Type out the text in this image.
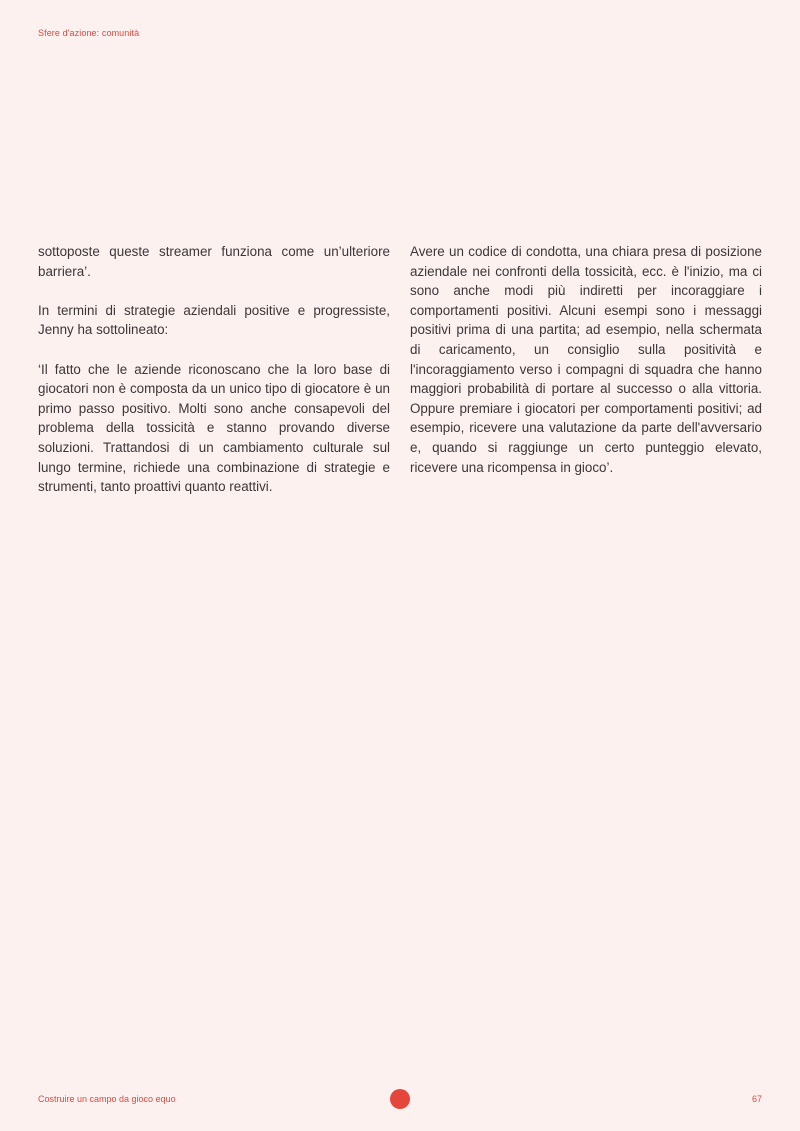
Sfere d'azione: comunità

sottoposte queste streamer funziona come un’ulteriore barriera’.

In termini di strategie aziendali positive e progressiste, Jenny ha sottolineato:

‘Il fatto che le aziende riconoscano che la loro base di giocatori non è composta da un unico tipo di giocatore è un primo passo positivo. Molti sono anche consapevoli del problema della tossicità e stanno provando diverse soluzioni. Trattandosi di un cambiamento culturale sul lungo termine, richiede una combinazione di strategie e strumenti, tanto proattivi quanto reattivi.

Avere un codice di condotta, una chiara presa di posizione aziendale nei confronti della tossicità, ecc. è l'inizio, ma ci sono anche modi più indiretti per incoraggiare i comportamenti positivi. Alcuni esempi sono i messaggi positivi prima di una partita; ad esempio, nella schermata di caricamento, un consiglio sulla positività e l'incoraggiamento verso i compagni di squadra che hanno maggiori probabilità di portare al successo o alla vittoria. Oppure premiare i giocatori per comportamenti positivi; ad esempio, ricevere una valutazione da parte dell'avversario e, quando si raggiunge un certo punteggio elevato, ricevere una ricompensa in gioco’.

Costruire un campo da gioco equo	67
